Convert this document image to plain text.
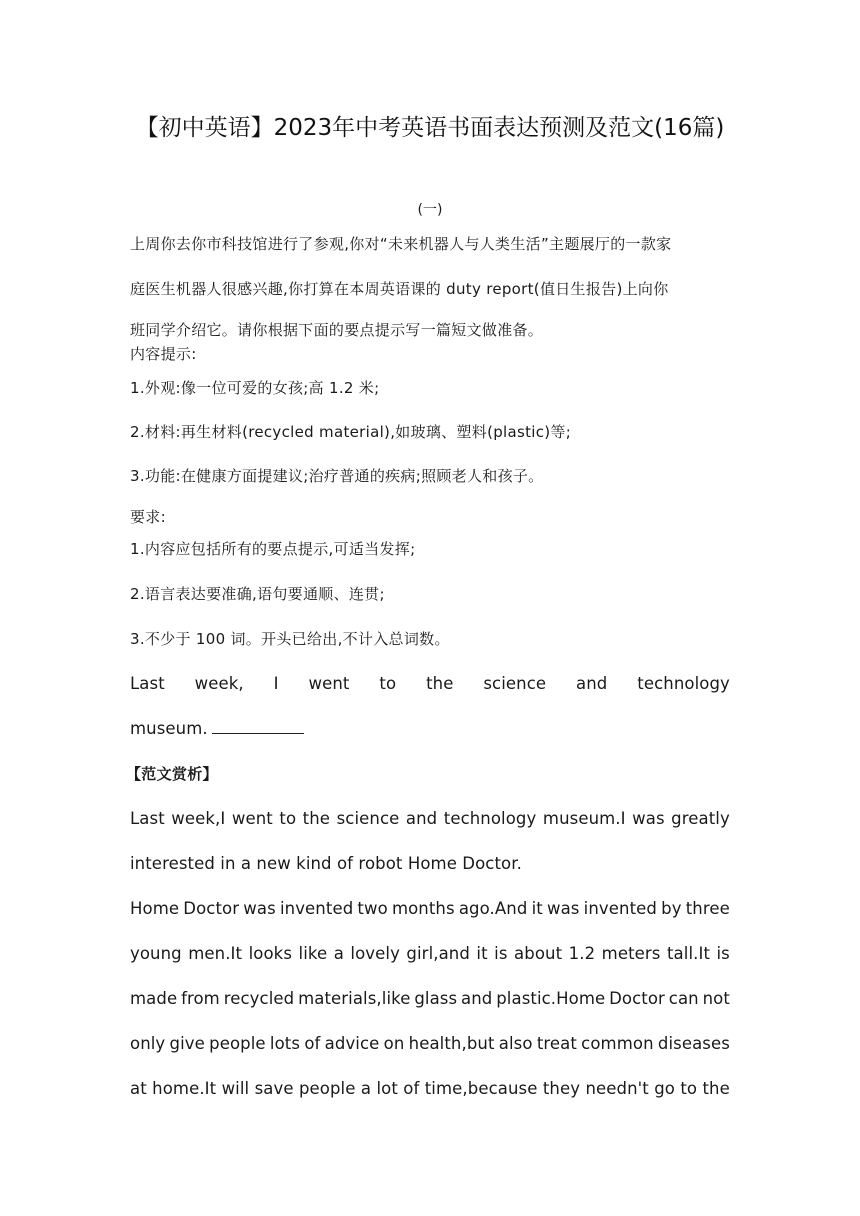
【初中英语】2023年中考英语书面表达预测及范文(16篇)
(一)
上周你去你市科技馆进行了参观,你对“未来机器人与人类生活”主题展厅的一款家
庭医生机器人很感兴趣,你打算在本周英语课的 duty report(值日生报告)上向你
班同学介绍它。请你根据下面的要点提示写一篇短文做准备。
内容提示:
1.外观:像一位可爱的女孩;高 1.2 米;
2.材料:再生材料(recycled material),如玻璃、塑料(plastic)等;
3.功能:在健康方面提建议;治疗普通的疾病;照顾老人和孩子。
要求:
1.内容应包括所有的要点提示,可适当发挥;
2.语言表达要准确,语句要通顺、连贯;
3.不少于 100 词。开头已给出,不计入总词数。
Last week, I went to the science and technology
museum.
【范文赏析】
Last week,I went to the science and technology museum.I was greatly
interested in a new kind of robot Home Doctor.
Home Doctor was invented two months ago.And it was invented by three
young men.It looks like a lovely girl,and it is about 1.2 meters tall.It is
made from recycled materials,like glass and plastic.Home Doctor can not
only give people lots of advice on health,but also treat common diseases
at home.It will save people a lot of time,because they needn't go to the
